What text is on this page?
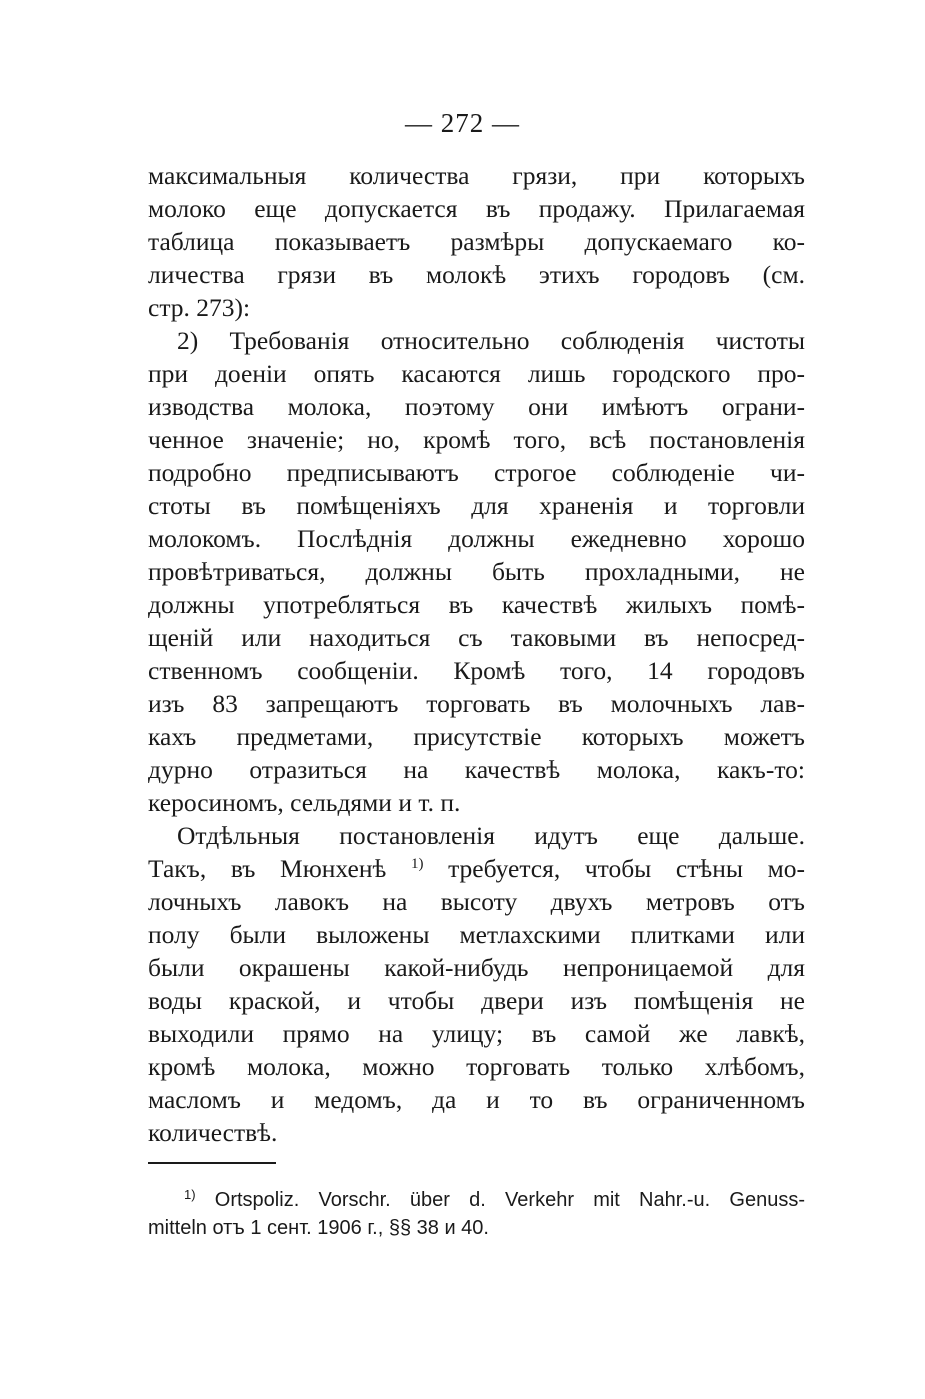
— 272 —
максимальныя количества грязи, при которыхъ
молоко еще допускается въ продажу. Прилагаемая
таблица показываетъ размѣры допускаемаго ко-
личества грязи въ молокѣ этихъ городовъ (см.
стр. 273):
2) Требованія относительно соблюденія чистоты
при доеніи опять касаются лишь городского про-
изводства молока, поэтому они имѣютъ ограни-
ченное значеніе; но, кромѣ того, всѣ постановленія
подробно предписываютъ строгое соблюденіе чи-
стоты въ помѣщеніяхъ для храненія и торговли
молокомъ. Послѣднія должны ежедневно хорошо
провѣтриваться, должны быть прохладными, не
должны употребляться въ качествѣ жилыхъ помѣ-
щеній или находиться съ таковыми въ непосред-
ственномъ сообщеніи. Кромѣ того, 14 городовъ
изъ 83 запрещаютъ торговать въ молочныхъ лав-
кахъ предметами, присутствіе которыхъ можетъ
дурно отразиться на качествѣ молока, какъ-то:
керосиномъ, сельдями и т. п.
Отдѣльныя постановленія идутъ еще дальше.
Такъ, въ Мюнхенѣ $^{1)}$ требуется, чтобы стѣны мо-
лочныхъ лавокъ на высоту двухъ метровъ отъ
полу были выложены метлахскими плитками или
были окрашены какой-нибудь непроницаемой для
воды краской, и чтобы двери изъ помѣщенія не
выходили прямо на улицу; въ самой же лавкѣ,
кромѣ молока, можно торговать только хлѣбомъ,
масломъ и медомъ, да и то въ ограниченномъ
количествѣ.
$^{1)}$ Ortspoliz. Vorschr. über d. Verkehr mit Nahr.-u. Genuss-
mitteln отъ 1 сент. 1906 г., §§ 38 и 40.
